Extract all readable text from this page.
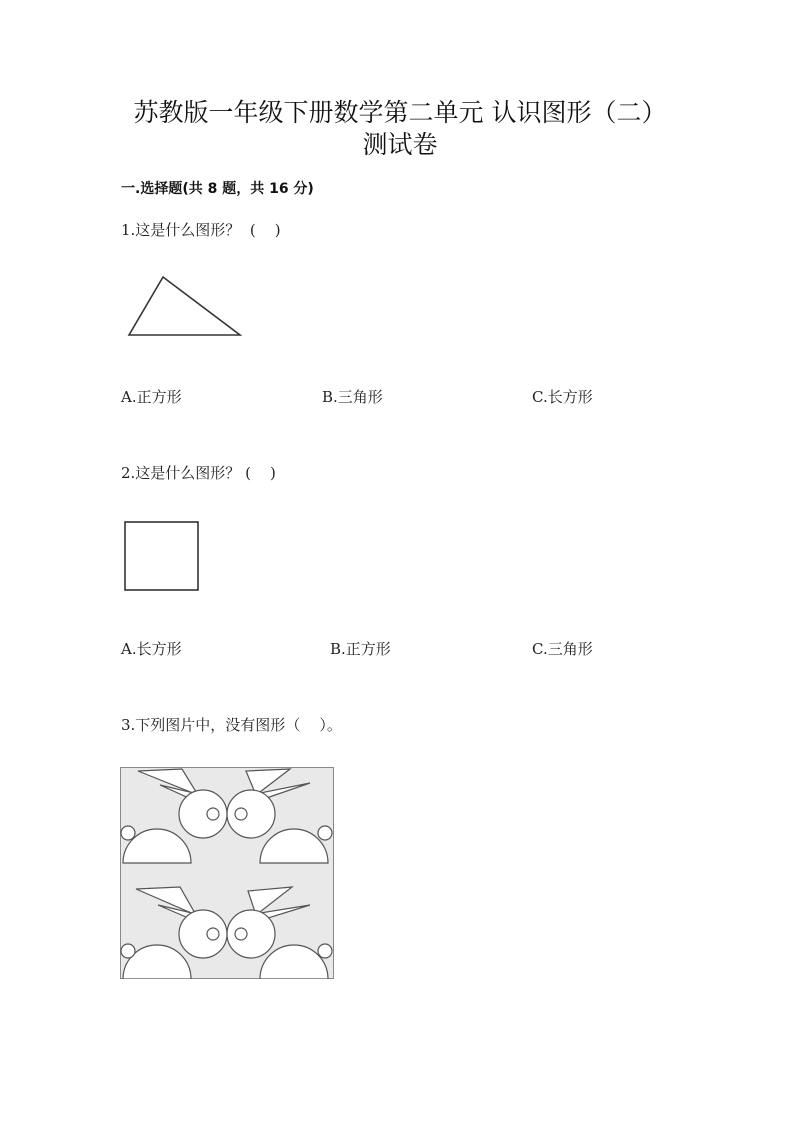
苏教版一年级下册数学第二单元 认识图形（二）
测试卷
一.选择题(共 8 题，共 16 分)
1.这是什么图形？  (    )
A.正方形	B.三角形	C.长方形
2.这是什么图形？ (    )
A.长方形	B.正方形	C.三角形
3.下列图片中，没有图形（    ）。
